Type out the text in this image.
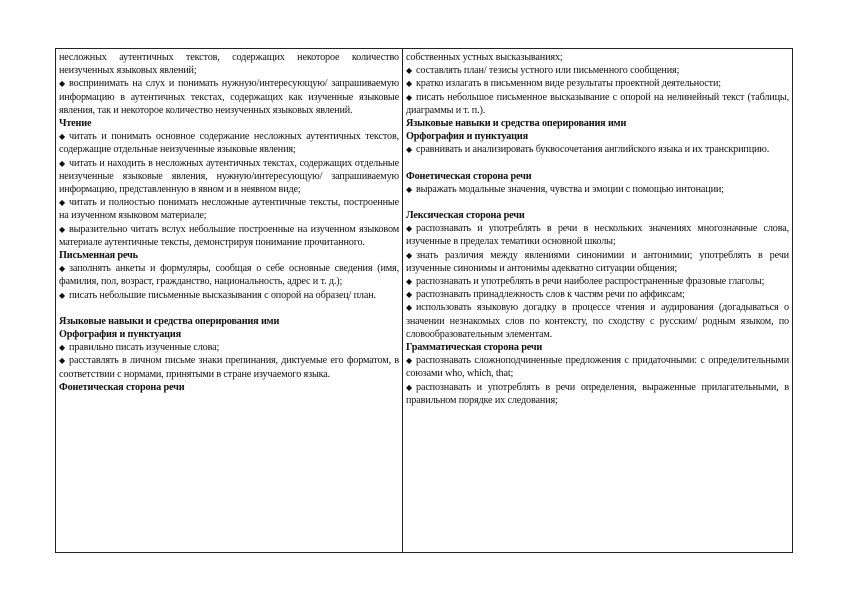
несложных аутентичных текстов, содержащих некоторое количество неизученных языковых явлений;

◆ воспринимать на слух и понимать нужную/интересующую/ запрашиваемую информацию в аутентичных текстах, содержащих как изученные языковые явления, так и некоторое количество неизученных языковых явлений.

Чтение

◆ читать и понимать основное содержание несложных аутентичных текстов, содержащие отдельные неизученные языковые явления;

◆ читать и находить в несложных аутентичных текстах, содержащих отдельные неизученные языковые явления, нужную/интересующую/ запрашиваемую информацию, представленную в явном и в неявном виде;

◆ читать и полностью понимать несложные аутентичные тексты, построенные на изученном языковом материале;

◆ выразительно читать вслух небольшие построенные на изученном языковом материале аутентичные тексты, демонстрируя понимание прочитанного.

Письменная речь

◆ заполнять анкеты и формуляры, сообщая о себе основные сведения (имя, фамилия, пол, возраст, гражданство, национальность, адрес и т. д.);

◆ писать небольшие письменные высказывания с опорой на образец/ план.

Языковые навыки и средства оперирования ими

Орфография и пунктуация

◆ правильно писать изученные слова;

◆ расставлять в личном письме знаки препинания, диктуемые его форматом, в соответствии с нормами, принятыми в стране изучаемого языка.

Фонетическая сторона речи

собственных устных высказываниях;

◆ составлять план/ тезисы устного или письменного сообщения;

◆ кратко излагать в письменном виде результаты проектной деятельности;

◆ писать небольшое письменное высказывание с опорой на нелинейный текст (таблицы, диаграммы и т. п.).

Языковые навыки и средства оперирования ими

Орфография и пунктуация

◆ сравнивать и анализировать буквосочетания английского языка и их транскрипцию.

Фонетическая сторона речи

◆ выражать модальные значения, чувства и эмоции с помощью интонации;

Лексическая сторона речи

◆ распознавать и употреблять в речи в нескольких значениях многозначные слова, изученные в пределах тематики основной школы;

◆ знать различия между явлениями синонимии и антонимии; употреблять в речи изученные синонимы и антонимы адекватно ситуации общения;

◆ распознавать и употреблять в речи наиболее распространенные фразовые глаголы;

◆ распознавать принадлежность слов к частям речи по аффиксам;

◆ использовать языковую догадку в процессе чтения и аудирования (догадываться о значении незнакомых слов по контексту, по сходству с русским/ родным языком, по словообразовательным элементам.

Грамматическая сторона речи

◆ распознавать сложноподчиненные предложения с придаточными: с определительными союзами who, which, that;

◆ распознавать и употреблять в речи определения, выраженные прилагательными, в правильном порядке их следования;
